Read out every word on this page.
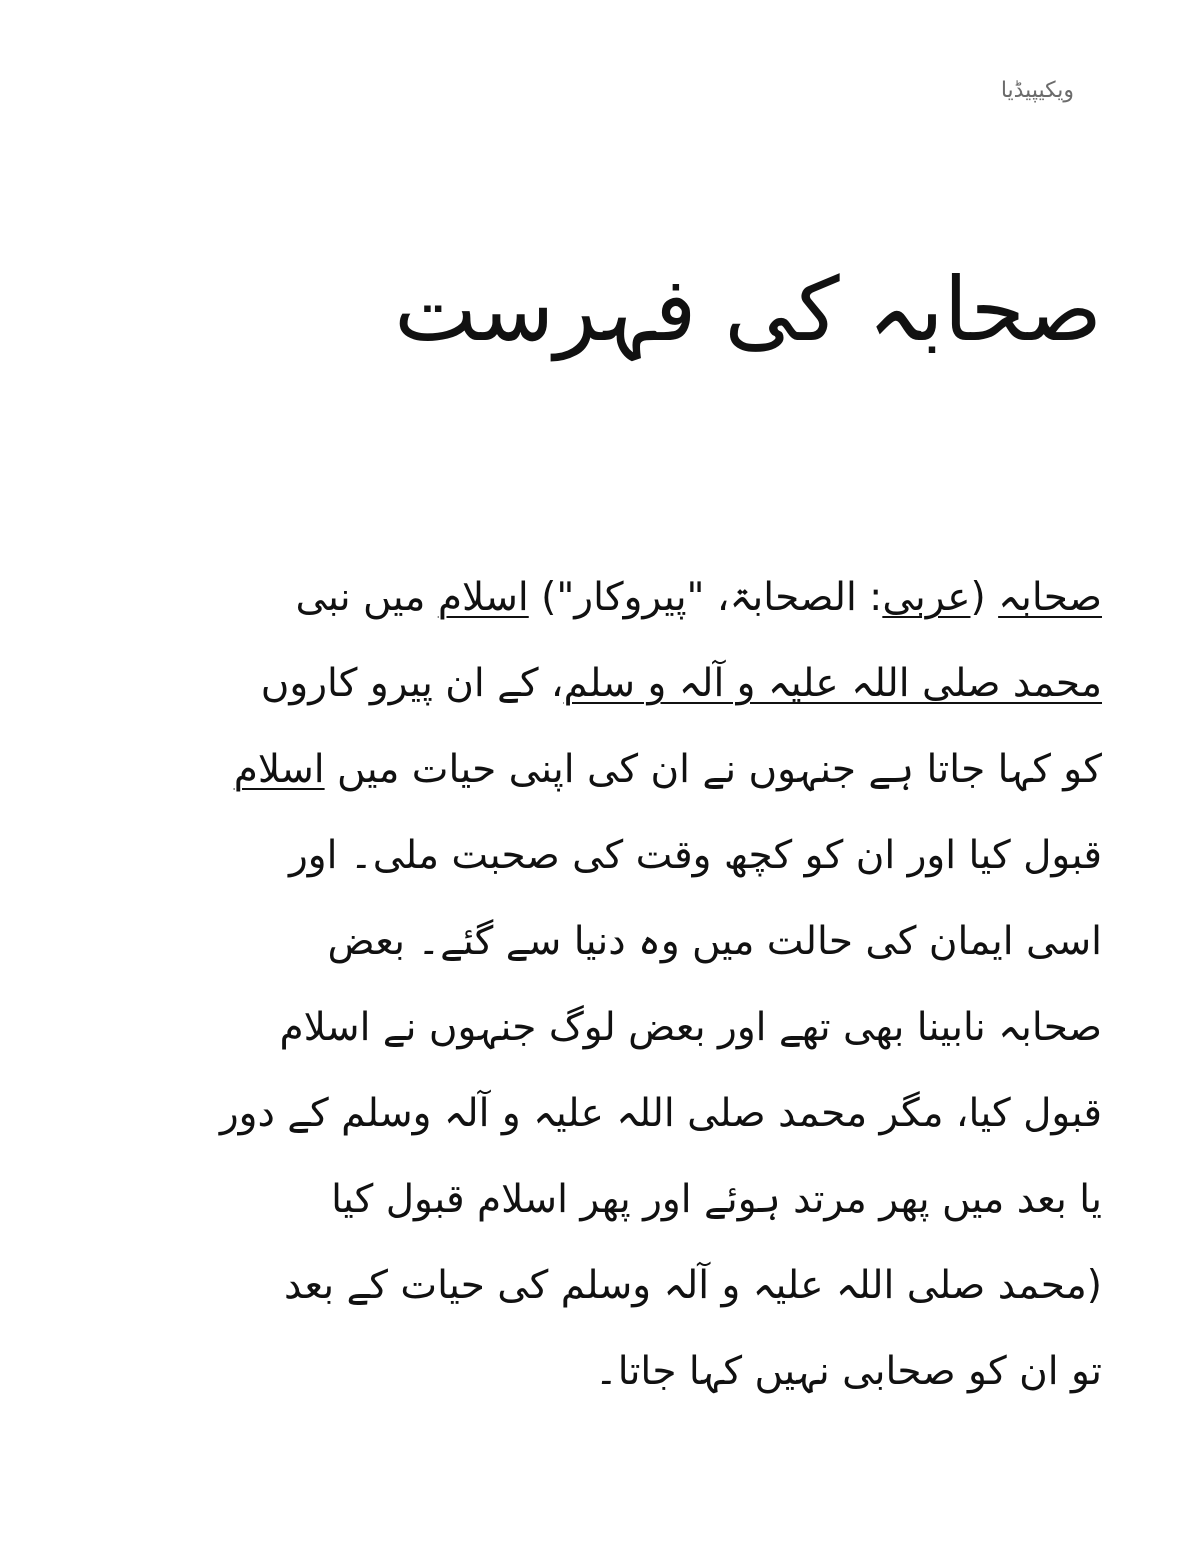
ویکیپیڈیا
صحابہ کی فہرست
صحابہ (عربی: الصحابۃ، "پیروکار") اسلام میں نبی
محمد صلی اللہ علیہ و آلہ و سلم، کے ان پیرو کاروں
کو کہا جاتا ہے جنہوں نے ان کی اپنی حیات میں اسلام
قبول کیا اور ان کو کچھ وقت کی صحبت ملی۔ اور
اسی ایمان کی حالت میں وہ دنیا سے گئے۔ بعض
صحابہ نابینا بھی تھے اور بعض لوگ جنہوں نے اسلام
قبول کیا، مگر محمد صلی اللہ علیہ و آلہ وسلم کے دور
یا بعد میں پھر مرتد ہوئے اور پھر اسلام قبول کیا
(محمد صلی اللہ علیہ و آلہ وسلم کی حیات کے بعد
تو ان کو صحابی نہیں کہا جاتا۔
